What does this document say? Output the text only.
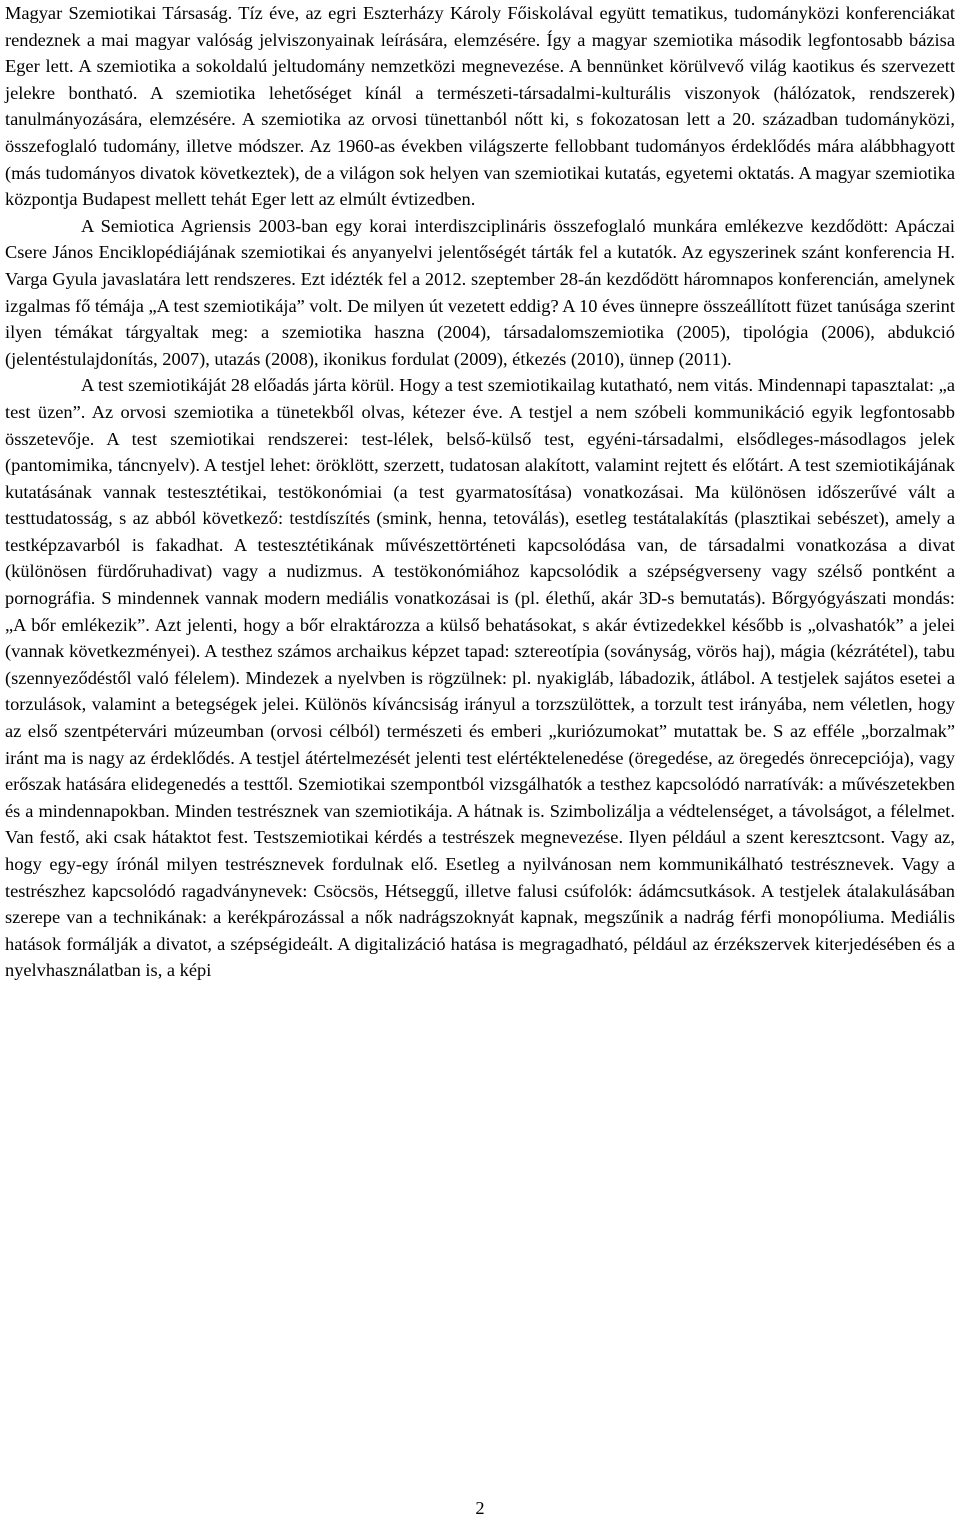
Magyar Szemiotikai Társaság. Tíz éve, az egri Eszterházy Károly Főiskolával együtt tematikus, tudományközi konferenciákat rendeznek a mai magyar valóság jelviszonyainak leírására, elemzésére. Így a magyar szemiotika második legfontosabb bázisa Eger lett. A szemiotika a sokoldalú jeltudomány nemzetközi megnevezése. A bennünket körülvevő világ kaotikus és szervezett jelekre bontható. A szemiotika lehetőséget kínál a természeti-társadalmi-kulturális viszonyok (hálózatok, rendszerek) tanulmányozására, elemzésére. A szemiotika az orvosi tünettanból nőtt ki, s fokozatosan lett a 20. században tudományközi, összefoglaló tudomány, illetve módszer. Az 1960-as években világszerte fellobbant tudományos érdeklődés mára alábbhagyott (más tudományos divatok következtek), de a világon sok helyen van szemiotikai kutatás, egyetemi oktatás. A magyar szemiotika központja Budapest mellett tehát Eger lett az elmúlt évtizedben.

A Semiotica Agriensis 2003-ban egy korai interdiszciplináris összefoglaló munkára emlékezve kezdődött: Apáczai Csere János Enciklopédiájának szemiotikai és anyanyelvi jelentőségét tárták fel a kutatók. Az egyszerinek szánt konferencia H. Varga Gyula javaslatára lett rendszeres. Ezt idézték fel a 2012. szeptember 28-án kezdődött háromnapos konferencián, amelynek izgalmas fő témája „A test szemiotikája” volt. De milyen út vezetett eddig? A 10 éves ünnepre összeállított füzet tanúsága szerint ilyen témákat tárgyaltak meg: a szemiotika haszna (2004), társadalomszemiotika (2005), tipológia (2006), abdukció (jelentéstulajdonítás, 2007), utazás (2008), ikonikus fordulat (2009), étkezés (2010), ünnep (2011).

A test szemiotikáját 28 előadás járta körül. Hogy a test szemiotikailag kutatható, nem vitás. Mindennapi tapasztalat: „a test üzen”. Az orvosi szemiotika a tünetekből olvas, kétezer éve. A testjel a nem szóbeli kommunikáció egyik legfontosabb összetevője. A test szemiotikai rendszerei: test-lélek, belső-külső test, egyéni-társadalmi, elsődleges-másodlagos jelek (pantomimika, táncnyelv). A testjel lehet: öröklött, szerzett, tudatosan alakított, valamint rejtett és előtárt. A test szemiotikájának kutatásának vannak testesztétikai, testökonómiai (a test gyarmatosítása) vonatkozásai. Ma különösen időszerűvé vált a testtudatosság, s az abból következő: testdíszítés (smink, henna, tetoválás), esetleg testátalakítás (plasztikai sebészet), amely a testképzavarból is fakadhat. A testesztétikának művészettörténeti kapcsolódása van, de társadalmi vonatkozása a divat (különösen fürdőruhadivat) vagy a nudizmus. A testökonómiához kapcsolódik a szépségverseny vagy szélső pontként a pornográfia. S mindennek vannak modern mediális vonatkozásai is (pl. élethű, akár 3D-s bemutatás). Bőrgyógyászati mondás: „A bőr emlékezik”. Azt jelenti, hogy a bőr elraktározza a külső behatásokat, s akár évtizedekkel később is „olvashatók” a jelei (vannak következményei). A testhez számos archaikus képzet tapad: sztereotípia (soványság, vörös haj), mágia (kézrátétel), tabu (szennyeződéstől való félelem). Mindezek a nyelvben is rögzülnek: pl. nyakigláb, lábadozik, átlábol. A testjelek sajátos esetei a torzulások, valamint a betegségek jelei. Különös kíváncsiság irányul a torzszülöttek, a torzult test irányába, nem véletlen, hogy az első szentpétervári múzeumban (orvosi célból) természeti és emberi „kuriózumokat” mutattak be. S az efféle „borzalmak” iránt ma is nagy az érdeklődés. A testjel átértelmezését jelenti test elértéktelenedése (öregedése, az öregedés önrecepciója), vagy erőszak hatására elidegenedés a testtől. Szemiotikai szempontból vizsgálhatók a testhez kapcsolódó narratívák: a művészetekben és a mindennapokban. Minden testrésznek van szemiotikája. A hátnak is. Szimbolizálja a védtelenséget, a távolságot, a félelmet. Van festő, aki csak hátaktot fest. Testszemiotikai kérdés a testrészek megnevezése. Ilyen például a szent keresztcsont. Vagy az, hogy egy-egy írónál milyen testrésznevek fordulnak elő. Esetleg a nyilvánosan nem kommunikálható testrésznevek. Vagy a testrészhez kapcsolódó ragadványnevek: Csöcsös, Hétseggű, illetve falusi csúfolók: ádámcsutkások. A testjelek átalakulásában szerepe van a technikának: a kerékpározással a nők nadrágszoknyát kapnak, megszűnik a nadrág férfi monopóliuma. Mediális hatások formálják a divatot, a szépségideált. A digitalizáció hatása is megragadható, például az érzékszervek kiterjedésében és a nyelvhasználatban is, a képi

2
